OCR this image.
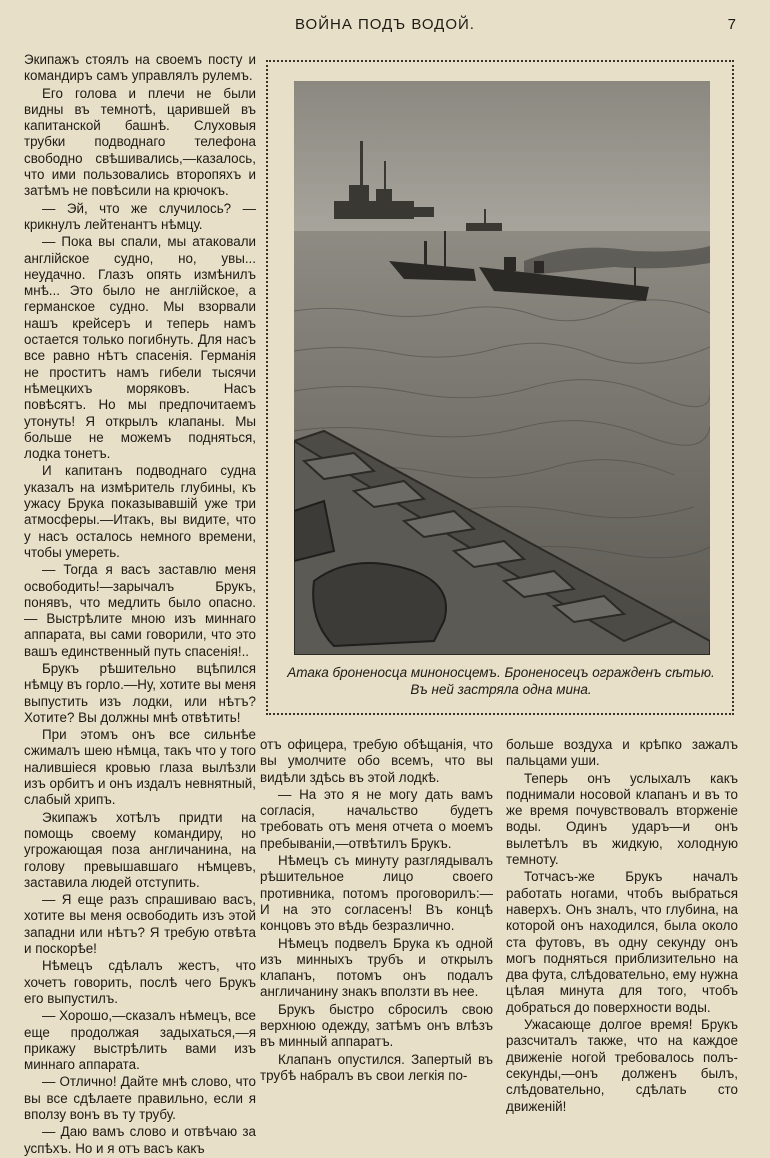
ВОЙНА ПОДЪ ВОДОЙ.	7

Экипажъ стоялъ на своемъ посту и командиръ самъ управлялъ рулемъ.

Его голова и плечи не были видны въ темнотѣ, царившей въ капитанской башнѣ. Слуховыя трубки подводнаго телефона свободно свѣшивались,—казалось, что ими пользовались второпяхъ и затѣмъ не повѣсили на крючокъ.

— Эй, что же случилось? — крикнулъ лейтенантъ нѣмцу.

— Пока вы спали, мы атаковали англійское судно, но, увы... неудачно. Глазъ опять измѣнилъ мнѣ... Это было не англійское, а германское судно. Мы взорвали нашъ крейсеръ и теперь намъ остается только погибнуть. Для насъ все равно нѣтъ спасенія. Германія не проститъ намъ гибели тысячи нѣмецкихъ моряковъ. Насъ повѣсятъ. Но мы предпочитаемъ утонуть! Я открылъ клапаны. Мы больше не можемъ подняться, лодка тонетъ.

И капитанъ подводнаго судна указалъ на измѣритель глубины, къ ужасу Брука показывавшій уже три атмосферы.—Итакъ, вы видите, что у насъ осталось немного времени, чтобы умереть.

— Тогда я васъ заставлю меня освободить!—зарычалъ Брукъ, понявъ, что медлить было опасно. — Выстрѣлите мною изъ миннаго аппарата, вы сами говорили, что это вашъ единственный путь спасенія!..

Брукъ рѣшительно вцѣпился нѣмцу въ горло.—Ну, хотите вы меня выпустить изъ лодки, или нѣтъ? Хотите? Вы должны мнѣ отвѣтить!

При этомъ онъ все сильнѣе сжималъ шею нѣмца, такъ что у того налившіеся кровью глаза вылѣзли изъ орбитъ и онъ издалъ невнятный, слабый хрипъ.

Экипажъ хотѣлъ придти на помощь своему командиру, но угрожающая поза англичанина, на голову превышавшаго нѣмцевъ, заставила людей отступить.

— Я еще разъ спрашиваю васъ, хотите вы меня освободить изъ этой западни или нѣтъ? Я требую отвѣта и поскорѣе!

Нѣмецъ сдѣлалъ жестъ, что хочетъ говорить, послѣ чего Брукъ его выпустилъ.

— Хорошо,—сказалъ нѣмецъ, все еще продолжая задыхаться,—я прикажу выстрѣлить вами изъ миннаго аппарата.

— Отлично! Дайте мнѣ слово, что вы все сдѣлаете правильно, если я вползу вонъ въ ту трубу.

— Даю вамъ слово и отвѣчаю за успѣхъ. Но и я отъ васъ какъ

Атака броненосца миноносцемъ. Броненосецъ огражденъ сѣтью.
Въ ней застряла одна мина.

отъ офицера, требую обѣщанія, что вы умолчите обо всемъ, что вы видѣли здѣсь въ этой лодкѣ.

— На это я не могу дать вамъ согласія, начальство будетъ требовать отъ меня отчета о моемъ пребываніи,—отвѣтилъ Брукъ.

Нѣмецъ съ минуту разглядывалъ рѣшительное лицо своего противника, потомъ проговорилъ:—И на это согласенъ! Въ концѣ концовъ это вѣдь безразлично.

Нѣмецъ подвелъ Брука къ одной изъ минныхъ трубъ и открылъ клапанъ, потомъ онъ подалъ англичанину знакъ вползти въ нее.

Брукъ быстро сбросилъ свою верхнюю одежду, затѣмъ онъ влѣзъ въ минный аппаратъ.

Клапанъ опустился. Запертый въ трубѣ набралъ въ свои легкія по-

больше воздуха и крѣпко зажалъ пальцами уши.

Теперь онъ услыхалъ какъ поднимали носовой клапанъ и въ то же время почувствовалъ вторженіе воды. Одинъ ударъ—и онъ вылетѣлъ въ жидкую, холодную темноту.

Тотчасъ-же Брукъ началъ работать ногами, чтобъ выбраться наверхъ. Онъ зналъ, что глубина, на которой онъ находился, была около ста футовъ, въ одну секунду онъ могъ подняться приблизительно на два фута, слѣдовательно, ему нужна цѣлая минута для того, чтобъ добраться до поверхности воды.

Ужасающе долгое время! Брукъ разсчиталъ также, что на каждое движеніе ногой требовалось полъ-секунды,—онъ долженъ былъ, слѣдовательно, сдѣлать сто движеній!
